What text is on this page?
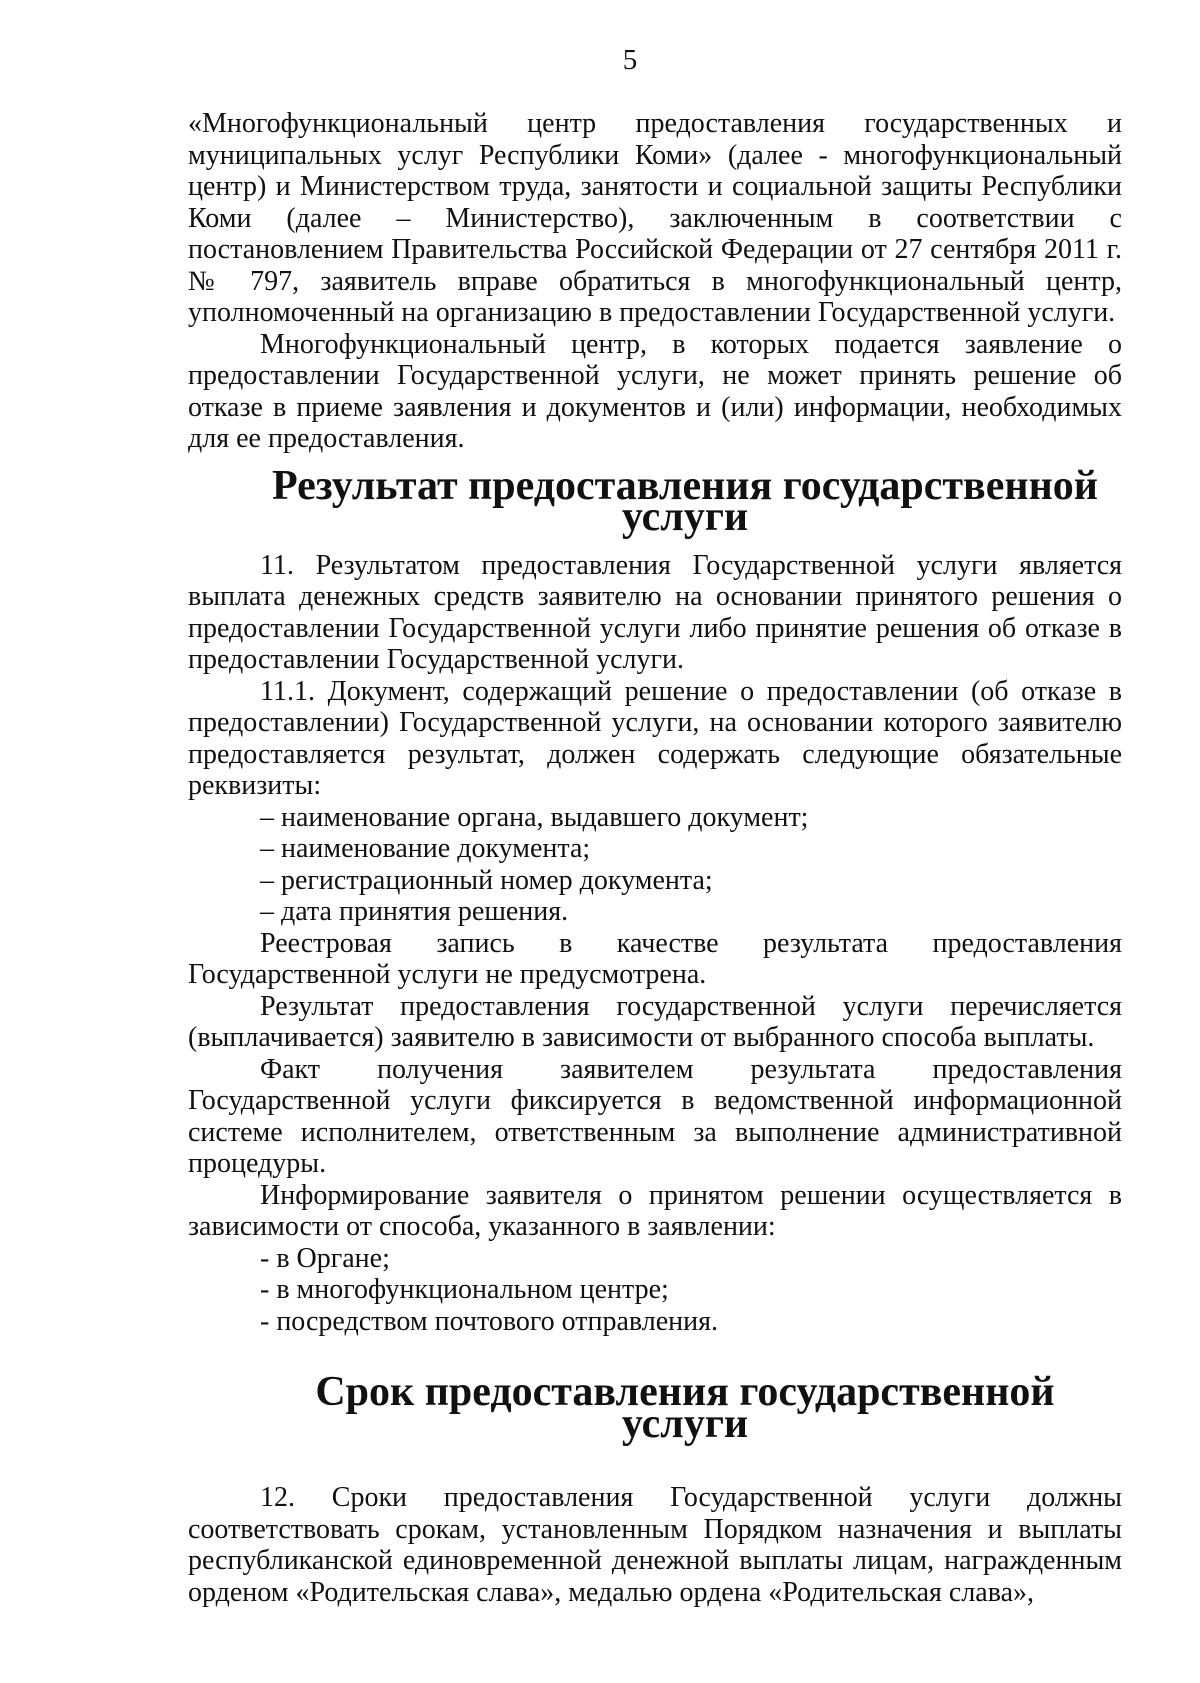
5

«Многофункциональный центр предоставления государственных и муниципальных услуг Республики Коми» (далее - многофункциональный центр) и Министерством труда, занятости и социальной защиты Республики Коми (далее – Министерство), заключенным в соответствии с постановлением Правительства Российской Федерации от 27 сентября 2011 г. № 797, заявитель вправе обратиться в многофункциональный центр, уполномоченный на организацию в предоставлении Государственной услуги.

Многофункциональный центр, в которых подается заявление о предоставлении Государственной услуги, не может принять решение об отказе в приеме заявления и документов и (или) информации, необходимых для ее предоставления.

Результат предоставления государственной услуги

11. Результатом предоставления Государственной услуги является выплата денежных средств заявителю на основании принятого решения о предоставлении Государственной услуги либо принятие решения об отказе в предоставлении Государственной услуги.

11.1. Документ, содержащий решение о предоставлении (об отказе в предоставлении) Государственной услуги, на основании которого заявителю предоставляется результат, должен содержать следующие обязательные реквизиты:

– наименование органа, выдавшего документ;
– наименование документа;
– регистрационный номер документа;
– дата принятия решения.

Реестровая запись в качестве результата предоставления Государственной услуги не предусмотрена.

Результат предоставления государственной услуги перечисляется (выплачивается) заявителю в зависимости от выбранного способа выплаты.

Факт получения заявителем результата предоставления Государственной услуги фиксируется в ведомственной информационной системе исполнителем, ответственным за выполнение административной процедуры.

Информирование заявителя о принятом решении осуществляется в зависимости от способа, указанного в заявлении:

- в Органе;
- в многофункциональном центре;
- посредством почтового отправления.
Срок предоставления государственной услуги

12. Сроки предоставления Государственной услуги должны соответствовать срокам, установленным Порядком назначения и выплаты республиканской единовременной денежной выплаты лицам, награжденным орденом «Родительская слава», медалью ордена «Родительская слава»,
